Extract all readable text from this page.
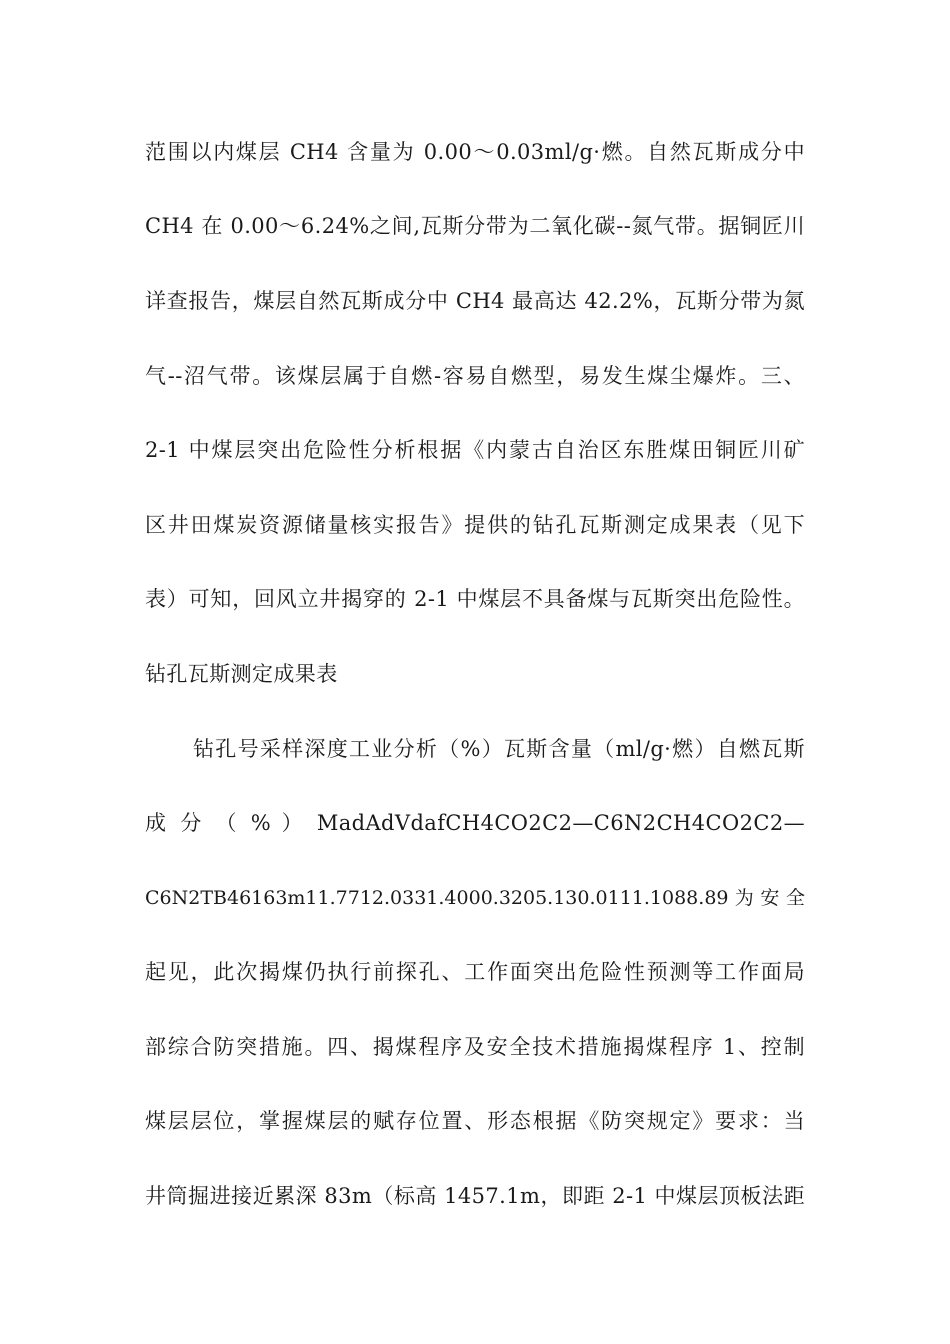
范围以内煤层 CH4 含量为 0.00～0.03ml/g·燃。自然瓦斯成分中
CH4 在 0.00～6.24%之间,瓦斯分带为二氧化碳--氮气带。据铜匠川
详查报告，煤层自然瓦斯成分中 CH4 最高达 42.2%，瓦斯分带为氮
气--沼气带。该煤层属于自燃-容易自燃型，易发生煤尘爆炸。三、
2-1 中煤层突出危险性分析根据《内蒙古自治区东胜煤田铜匠川矿
区井田煤炭资源储量核实报告》提供的钻孔瓦斯测定成果表（见下
表）可知，回风立井揭穿的 2-1 中煤层不具备煤与瓦斯突出危险性。
钻孔瓦斯测定成果表
钻孔号采样深度工业分析（%）瓦斯含量（ml/g·燃）自燃瓦斯
成 分 （ % ） MadAdVdafCH4CO2C2—C6N2CH4CO2C2—
C6N2TB46163m11.7712.0331.4000.3205.130.0111.1088.89 为 安 全
起见，此次揭煤仍执行前探孔、工作面突出危险性预测等工作面局
部综合防突措施。四、揭煤程序及安全技术措施揭煤程序 1、控制
煤层层位，掌握煤层的赋存位置、形态根据《防突规定》要求：当
井筒掘进接近累深 83m（标高 1457.1m，即距 2-1 中煤层顶板法距
